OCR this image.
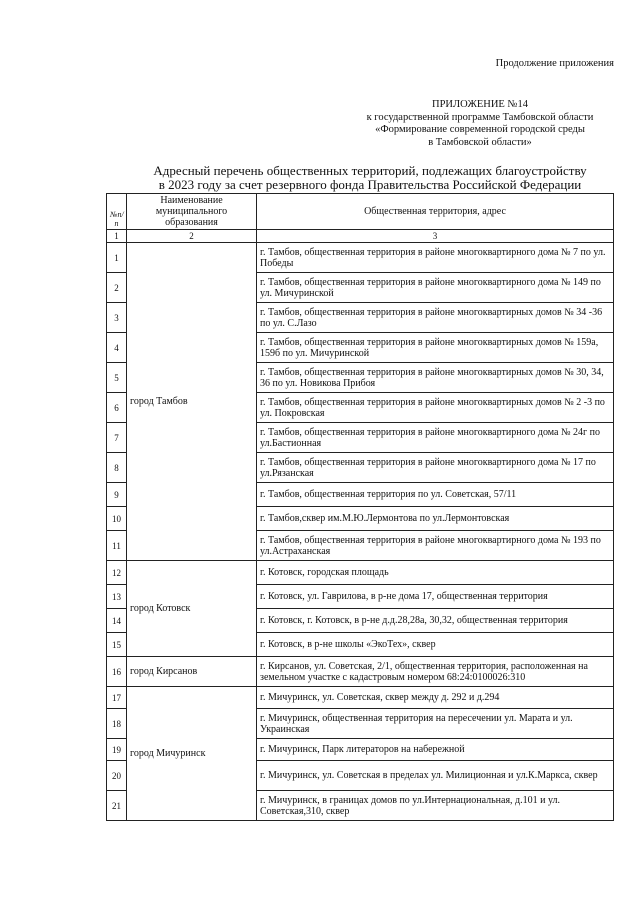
Продолжение приложения
ПРИЛОЖЕНИЕ №14
к государственной программе Тамбовской области
«Формирование современной городской среды
в Тамбовской области»
Адресный перечень общественных территорий, подлежащих благоустройству
в 2023 году за счет резервного фонда Правительства Российской Федерации
№п/п	Наименование муниципального образования	Общественная территория, адрес
1	2	3
1	город Тамбов	г. Тамбов, общественная территория в районе многоквартирного дома № 7 по ул. Победы
2		г. Тамбов, общественная территория в районе многоквартирного дома № 149 по ул. Мичуринской
3		г. Тамбов, общественная территория в районе многоквартирных домов № 34 -36 по ул. С.Лазо
4		г. Тамбов, общественная территория в районе многоквартирных домов № 159а, 159б по ул. Мичуринской
5		г. Тамбов, общественная территория в районе многоквартирных домов № 30, 34, 36 по ул. Новикова Прибоя
6		г. Тамбов, общественная территория в районе многоквартирных домов № 2 -3 по ул. Покровская
7		г. Тамбов, общественная территория в районе многоквартирного дома № 24г по ул.Бастионная
8		г. Тамбов, общественная территория в районе многоквартирного дома № 17 по ул.Рязанская
9		г. Тамбов, общественная территория по ул. Советская, 57/11
10		г. Тамбов,сквер им.М.Ю.Лермонтова по ул.Лермонтовская
11		г. Тамбов, общественная территория в районе многоквартирного дома № 193 по ул.Астраханская
12	город Котовск	г. Котовск, городская площадь
13		г. Котовск, ул. Гаврилова, в р-не дома 17, общественная территория
14		г. Котовск, г. Котовск, в р-не д.д.28,28а, 30,32, общественная территория
15		г. Котовск, в р-не школы «ЭкоТех», сквер
16	город Кирсанов	г. Кирсанов, ул. Советская, 2/1, общественная территория, расположенная на земельном участке с кадастровым номером 68:24:0100026:310
17	город Мичуринск	г. Мичуринск, ул. Советская, сквер между д. 292 и д.294
18		г. Мичуринск, общественная территория на пересечении ул. Марата и ул. Украинская
19		г. Мичуринск, Парк литераторов на набережной
20		г. Мичуринск, ул. Советская в пределах ул. Милиционная и ул.К.Маркса, сквер
21		г. Мичуринск, в границах домов по ул.Интернациональная, д.101 и ул. Советская,310, сквер
